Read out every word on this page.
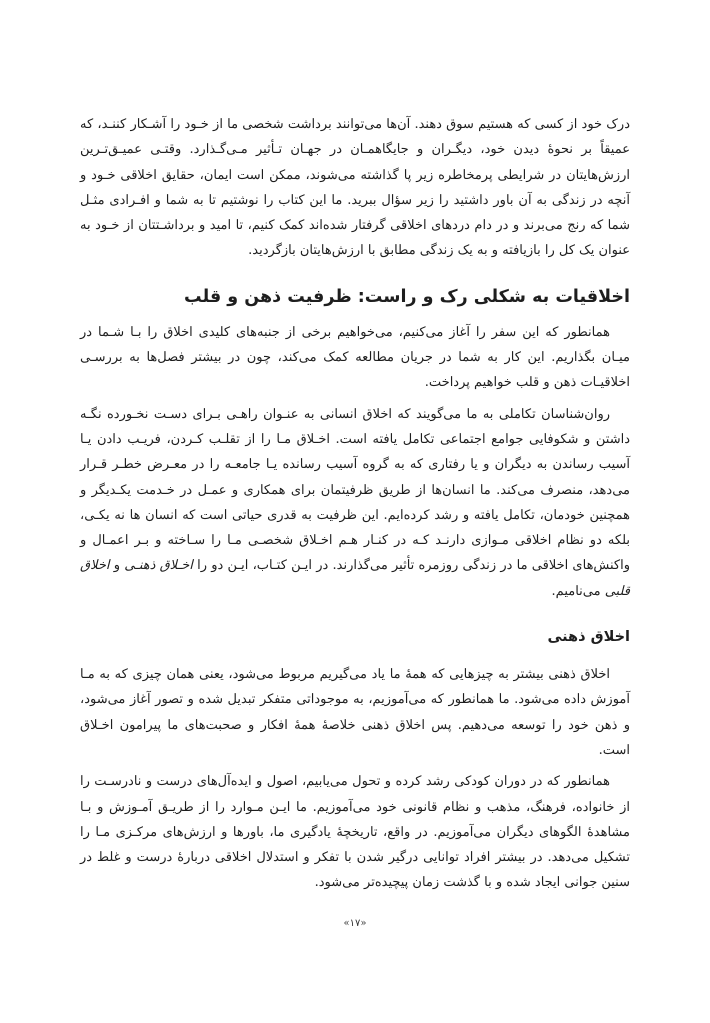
درک خود از کسی که هستیم سوق دهند. آن‌ها می‌توانند برداشت شخصی ما از خـود را آشـکار کننـد، که عمیقاً بر نحوهٔ دیدن خود، دیگـران و جایگاهمـان در جهـان تـأثیر مـی‌گـذارد. وقتـی عمیـق‌تـرین ارزش‌هایتان در شرایطی پرمخاطره زیر پا گذاشته می‌شوند، ممکن است ایمان، حقایق اخلاقی خـود و آنچه در زندگی به آن باور داشتید را زیر سؤال ببرید. ما این کتاب را نوشتیم تا به شما و افـرادی مثـل شما که رنج می‌برند و در دام دردهای اخلاقی گرفتار شده‌اند کمک کنیم، تا امید و برداشـتتان از خـود به عنوان یک کل را بازیافته و به یک زندگی مطابق با ارزش‌هایتان بازگردید.

اخلاقیات به شکلی رک و راست: ظرفیت ذهن و قلب

همانطور که این سفر را آغاز می‌کنیم، می‌خواهیم برخی از جنبه‌های کلیدی اخلاق را بـا شـما در میـان بگذاریم. این کار به شما در جریان مطالعه کمک می‌کند، چون در بیشتر فصل‌ها به بررسـی اخلاقیـات ذهن و قلب خواهیم پرداخت.

روان‌شناسان تکاملی به ما می‌گویند که اخلاق انسانی به عنـوان راهـی بـرای دسـت نخـورده نگـه داشتن و شکوفایی جوامع اجتماعی تکامل یافته است. اخـلاق مـا را از تقلـب کـردن، فریـب دادن یـا آسیب رساندن به دیگران و یا رفتاری که به گروه آسیب رسانده یـا جامعـه را در معـرض خطـر قـرار می‌دهد، منصرف می‌کند. ما انسان‌ها از طریق ظرفیتمان برای همکاری و عمـل در خـدمت یکـدیگر و همچنین خودمان، تکامل یافته و رشد کرده‌ایم. این ظرفیت به قدری حیاتی است که انسان ها نه یکـی، بلکه دو نظام اخلاقی مـوازی دارنـد کـه در کنـار هـم اخـلاق شخصـی مـا را سـاخته و بـر اعمـال و واکنش‌های اخلاقی ما در زندگی روزمره تأثیر می‌گذارند. در ایـن کتـاب، ایـن دو را اخـلاق ذهنـی و اخلاق قلبی می‌نامیم.

اخلاق ذهنی

اخلاق ذهنی بیشتر به چیزهایی که همهٔ ما یاد می‌گیریم مربوط می‌شود، یعنی همان چیزی که به مـا آموزش داده می‌شود. ما همانطور که می‌آموزیم، به موجوداتی متفکر تبدیل شده و تصور آغاز می‌شود، و ذهن خود را توسعه می‌دهیم. پس اخلاق ذهنی خلاصهٔ همهٔ افکار و صحبت‌های ما پیرامون اخـلاق است.

همانطور که در دوران کودکی رشد کرده و تحول می‌یابیم، اصول و ایده‌آل‌های درست و نادرسـت را از خانواده، فرهنگ، مذهب و نظام قانونی خود می‌آموزیم. ما ایـن مـوارد را از طریـق آمـوزش و بـا مشاهدهٔ الگوهای دیگران می‌آموزیم. در واقع، تاریخچهٔ یادگیری ما، باورها و ارزش‌های مرکـزی مـا را تشکیل می‌دهد. در بیشتر افراد توانایی درگیر شدن با تفکر و استدلال اخلاقی دربارهٔ درست و غلط در سنین جوانی ایجاد شده و با گذشت زمان پیچیده‌تر می‌شود.

«۱۷»
